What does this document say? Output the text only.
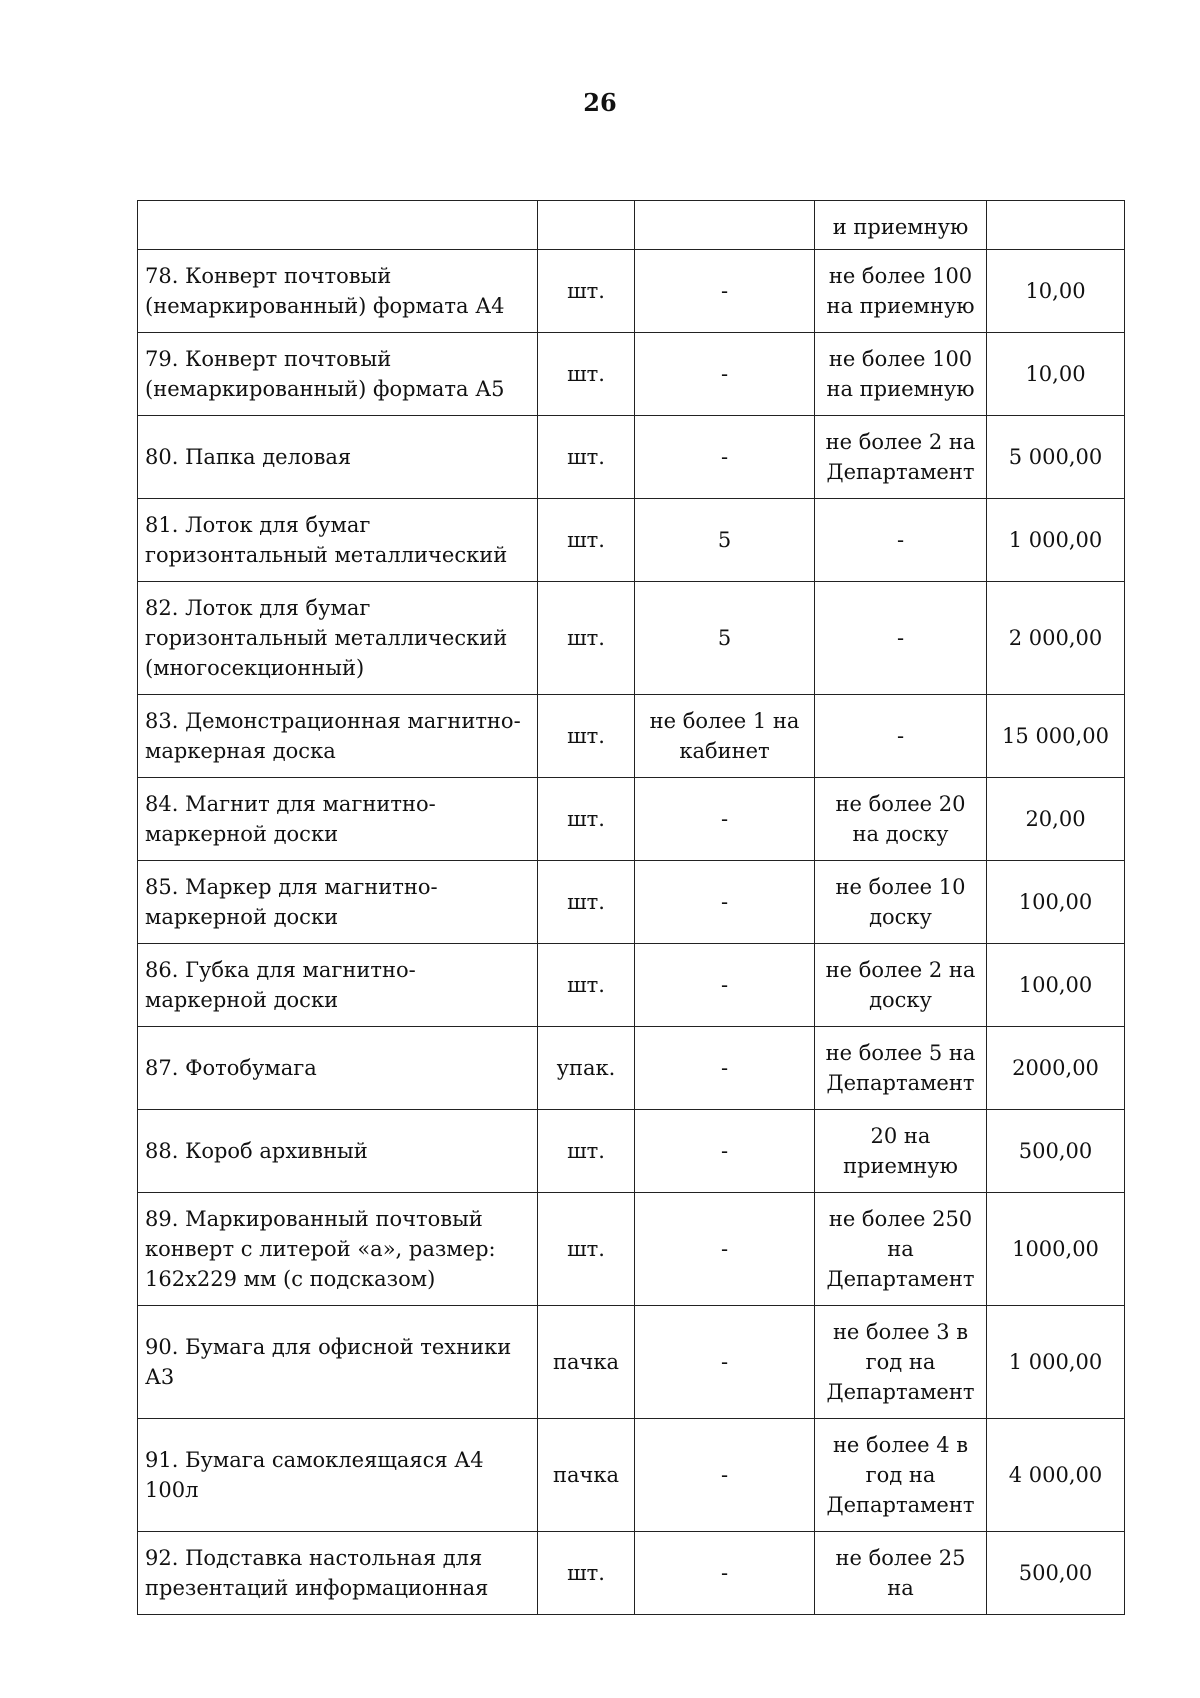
26
			и приемную	
78. Конверт почтовый (немаркированный) формата А4	шт.	-	не более 100 на приемную	10,00
79. Конверт почтовый (немаркированный) формата А5	шт.	-	не более 100 на приемную	10,00
80. Папка деловая	шт.	-	не более 2 на Департамент	5 000,00
81. Лоток для бумаг горизонтальный металлический	шт.	5	-	1 000,00
82. Лоток для бумаг горизонтальный металлический (многосекционный)	шт.	5	-	2 000,00
83. Демонстрационная магнитно-маркерная доска	шт.	не более 1 на кабинет	-	15 000,00
84. Магнит для магнитно-маркерной доски	шт.	-	не более 20 на доску	20,00
85. Маркер для магнитно-маркерной доски	шт.	-	не более 10 доску	100,00
86. Губка для магнитно-маркерной доски	шт.	-	не более 2 на доску	100,00
87. Фотобумага	упак.	-	не более 5 на Департамент	2000,00
88. Короб архивный	шт.	-	20 на приемную	500,00
89. Маркированный почтовый конверт с литерой «а», размер: 162x229 мм (с подсказом)	шт.	-	не более 250 на Департамент	1000,00
90. Бумага для офисной техники А3	пачка	-	не более 3 в год на Департамент	1 000,00
91. Бумага самоклеящаяся А4 100л	пачка	-	не более 4 в год на Департамент	4 000,00
92. Подставка настольная для презентаций информационная	шт.	-	не более 25 на	500,00
